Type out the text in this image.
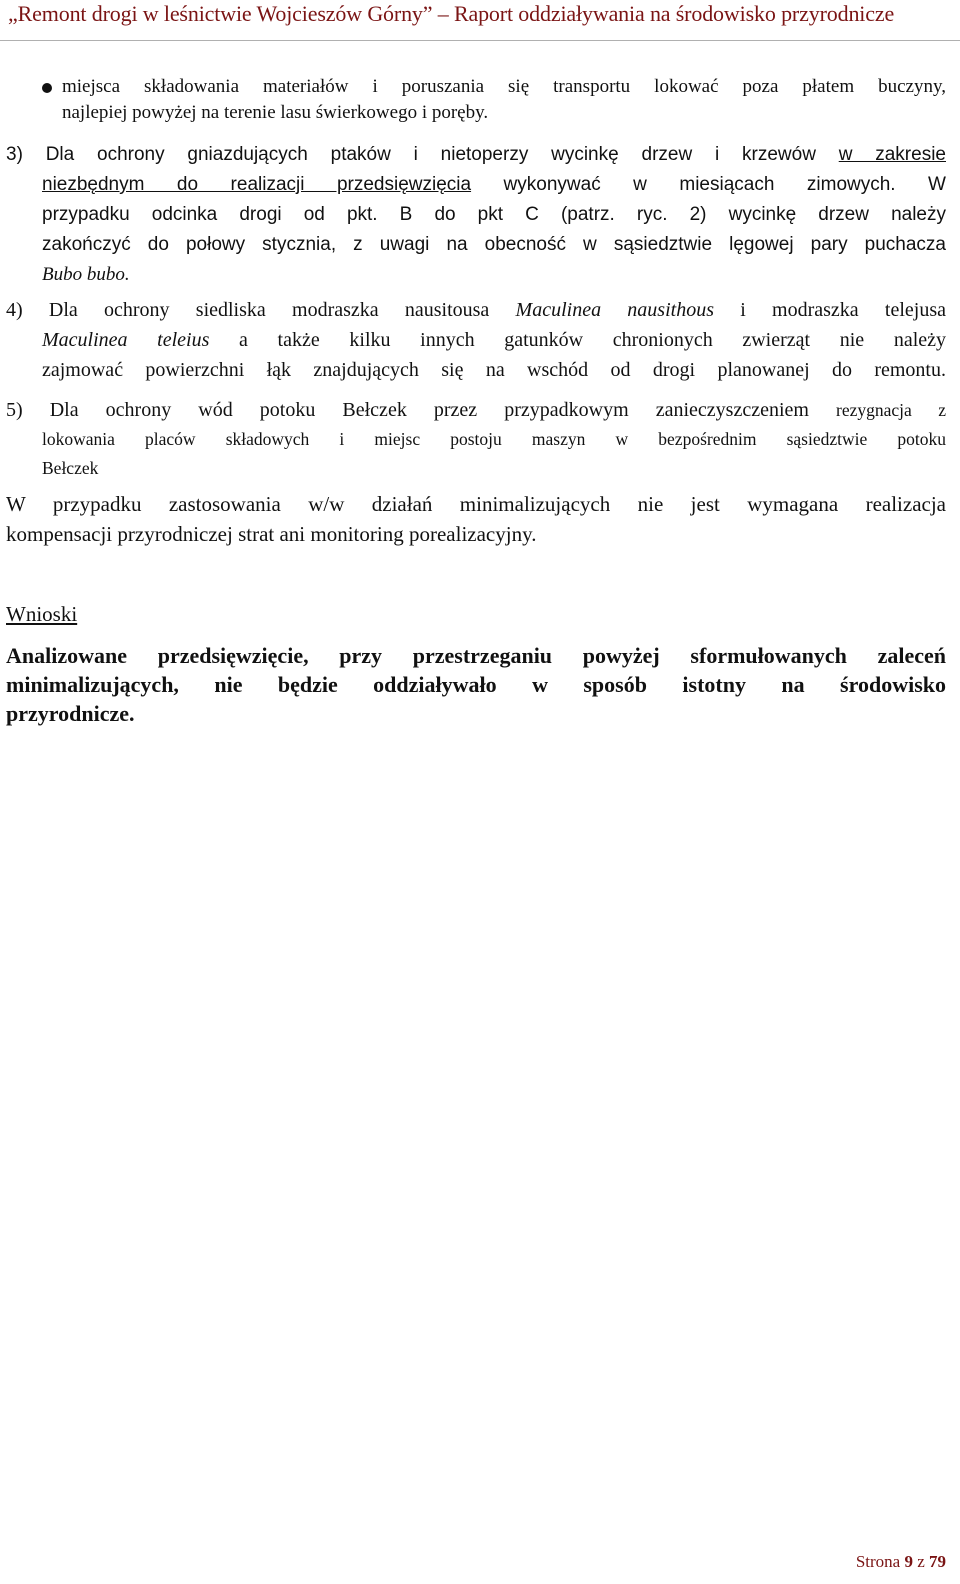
„Remont drogi w leśnictwie Wojcieszów Górny” – Raport oddziaływania na środowisko przyrodnicze
miejsca składowania materiałów i poruszania się transportu lokować poza płatem buczyny,
najlepiej powyżej na terenie lasu świerkowego i poręby.
3) Dla ochrony gniazdujących ptaków i nietoperzy wycinkę drzew i krzewów w zakresie
niezbędnym do realizacji przedsięwzięcia wykonywać w miesiącach zimowych. W
przypadku odcinka drogi od pkt. B do pkt C (patrz. ryc. 2) wycinkę drzew należy
zakończyć do połowy stycznia, z uwagi na obecność w sąsiedztwie lęgowej pary puchacza
Bubo bubo.
4) Dla ochrony siedliska modraszka nausitousa Maculinea nausithous i modraszka telejusa
Maculinea teleius a także kilku innych gatunków chronionych zwierząt nie należy
zajmować powierzchni łąk znajdujących się na wschód od drogi planowanej do remontu.
5) Dla ochrony wód potoku Bełczek przez przypadkowym zanieczyszczeniem rezygnacja z
lokowania placów składowych i miejsc postoju maszyn w bezpośrednim sąsiedztwie potoku
Bełczek
W przypadku zastosowania w/w działań minimalizujących nie jest wymagana realizacja
kompensacji przyrodniczej strat ani monitoring porealizacyjny.
Wnioski
Analizowane przedsięwzięcie, przy przestrzeganiu powyżej sformułowanych zaleceń
minimalizujących, nie będzie oddziaływało w sposób istotny na środowisko
przyrodnicze.
Strona 9 z 79
